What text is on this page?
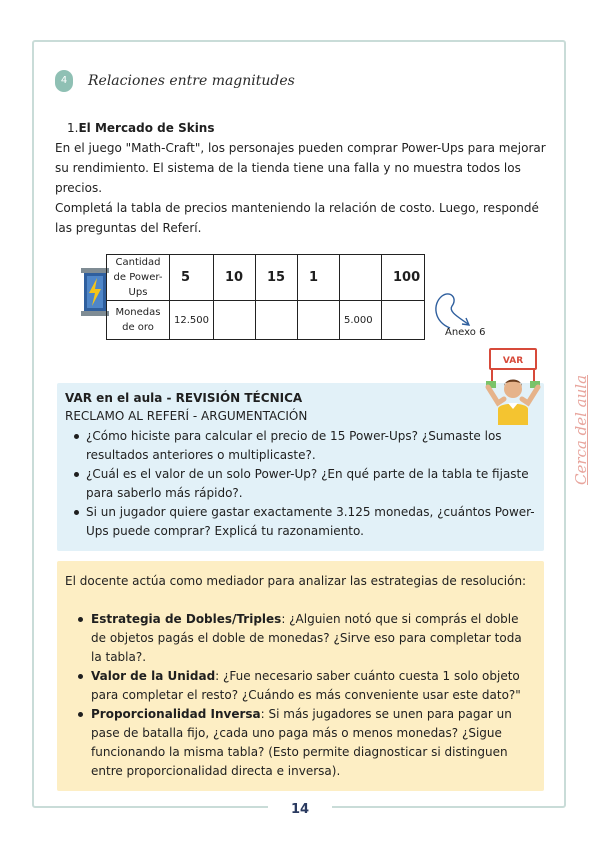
Cerca del aula
14
4	Relaciones entre magnitudes
1.El Mercado de Skins

En el juego "Math-Craft", los personajes pueden comprar Power-Ups para mejorar su rendimiento. El sistema de la tienda tiene una falla y no muestra todos los precios.

Completá la tabla de precios manteniendo la relación de costo. Luego, respondé las preguntas del Referí.

Cantidad de Power-Ups	5	10	15	1		100
Monedas de oro	12.500				5.000	
Anexo 6
VAR en el aula - REVISIÓN TÉCNICA
RECLAMO AL REFERÍ - ARGUMENTACIÓN
¿Cómo hiciste para calcular el precio de 15 Power-Ups? ¿Sumaste los resultados anteriores o multiplicaste?.
¿Cuál es el valor de un solo Power-Up? ¿En qué parte de la tabla te fijaste para saberlo más rápido?.
Si un jugador quiere gastar exactamente 3.125 monedas, ¿cuántos Power-Ups puede comprar? Explicá tu razonamiento.
VAR
El docente actúa como mediador para analizar las estrategias de resolución:
Estrategia de Dobles/Triples: ¿Alguien notó que si comprás el doble de objetos pagás el doble de monedas? ¿Sirve eso para completar toda la tabla?.
Valor de la Unidad: ¿Fue necesario saber cuánto cuesta 1 solo objeto para completar el resto? ¿Cuándo es más conveniente usar este dato?"
Proporcionalidad Inversa: Si más jugadores se unen para pagar un pase de batalla fijo, ¿cada uno paga más o menos monedas? ¿Sigue funcionando la misma tabla? (Esto permite diagnosticar si distinguen entre proporcionalidad directa e inversa).
